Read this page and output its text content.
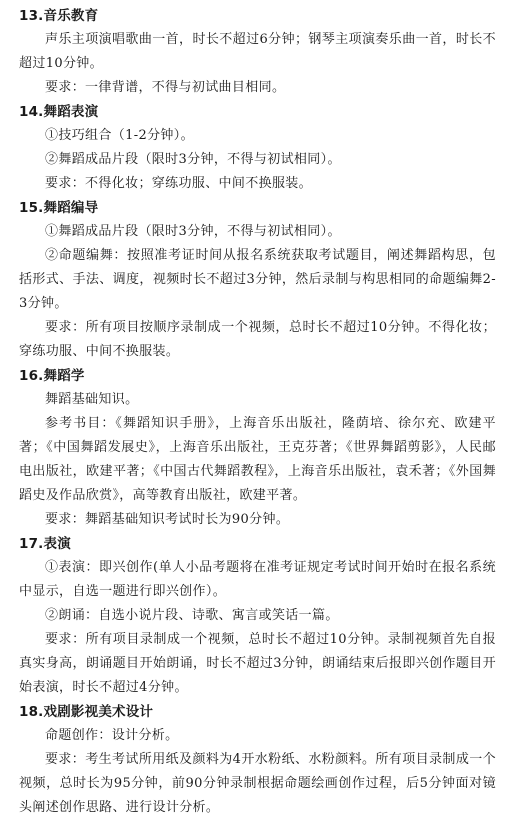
13.音乐教育

声乐主项演唱歌曲一首，时长不超过6分钟；钢琴主项演奏乐曲一首，时长不超过10分钟。

要求：一律背谱，不得与初试曲目相同。

14.舞蹈表演

①技巧组合（1-2分钟）。

②舞蹈成品片段（限时3分钟，不得与初试相同）。

要求：不得化妆；穿练功服、中间不换服装。

15.舞蹈编导

①舞蹈成品片段（限时3分钟，不得与初试相同）。

②命题编舞：按照准考证时间从报名系统获取考试题目，阐述舞蹈构思，包括形式、手法、调度，视频时长不超过3分钟，然后录制与构思相同的命题编舞2-3分钟。

要求：所有项目按顺序录制成一个视频，总时长不超过10分钟。不得化妆；穿练功服、中间不换服装。

16.舞蹈学

舞蹈基础知识。

参考书目：《舞蹈知识手册》，上海音乐出版社，隆荫培、徐尔充、欧建平著；《中国舞蹈发展史》，上海音乐出版社，王克芬著；《世界舞蹈剪影》，人民邮电出版社，欧建平著；《中国古代舞蹈教程》，上海音乐出版社，袁禾著；《外国舞蹈史及作品欣赏》，高等教育出版社，欧建平著。

要求：舞蹈基础知识考试时长为90分钟。

17.表演

①表演：即兴创作(单人小品考题将在准考证规定考试时间开始时在报名系统中显示，自选一题进行即兴创作）。

②朗诵：自选小说片段、诗歌、寓言或笑话一篇。

要求：所有项目录制成一个视频，总时长不超过10分钟。录制视频首先自报真实身高，朗诵题目开始朗诵，时长不超过3分钟，朗诵结束后报即兴创作题目开始表演，时长不超过4分钟。

18.戏剧影视美术设计

命题创作：设计分析。

要求：考生考试所用纸及颜料为4开水粉纸、水粉颜料。所有项目录制成一个视频，总时长为95分钟，前90分钟录制根据命题绘画创作过程，后5分钟面对镜头阐述创作思路、进行设计分析。
